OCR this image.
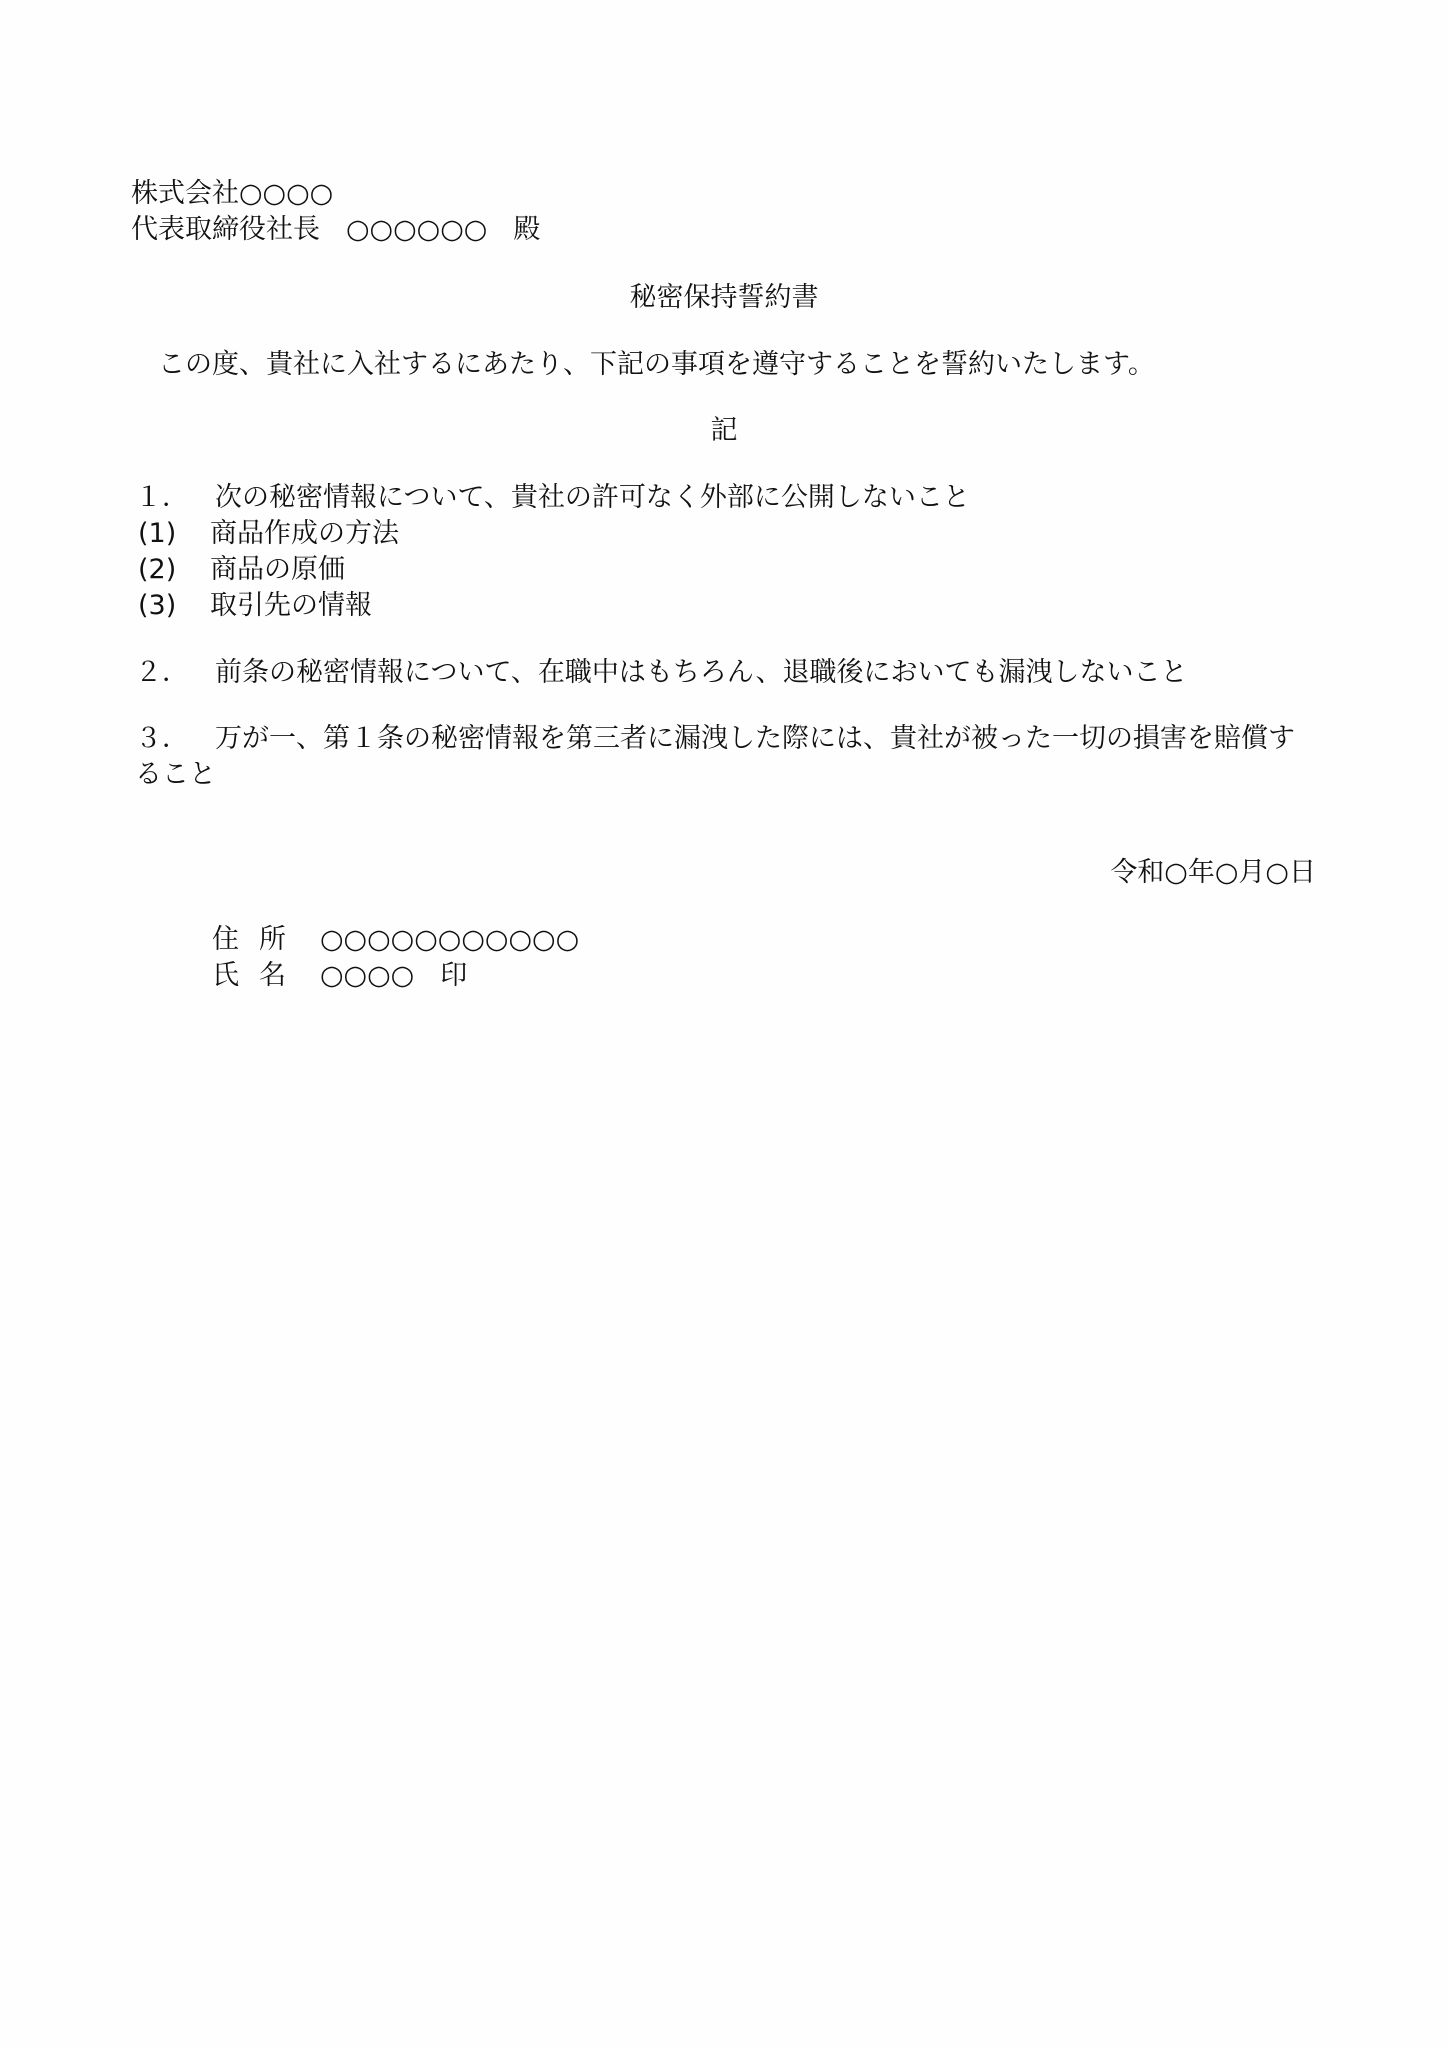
株式会社○○○○
代表取締役社長 ○○○○○○ 殿
秘密保持誓約書
この度、貴社に入社するにあたり、下記の事項を遵守することを誓約いたします。
記
１． 次の秘密情報について、貴社の許可なく外部に公開しないこと
(1) 商品作成の方法
(2) 商品の原価
(3) 取引先の情報
２． 前条の秘密情報について、在職中はもちろん、退職後においても漏洩しないこと
３． 万が一、第１条の秘密情報を第三者に漏洩した際には、貴社が被った一切の損害を賠償すること
令和○年○月○日
住所 ○○○○○○○○○○○
氏名 ○○○○ 印
